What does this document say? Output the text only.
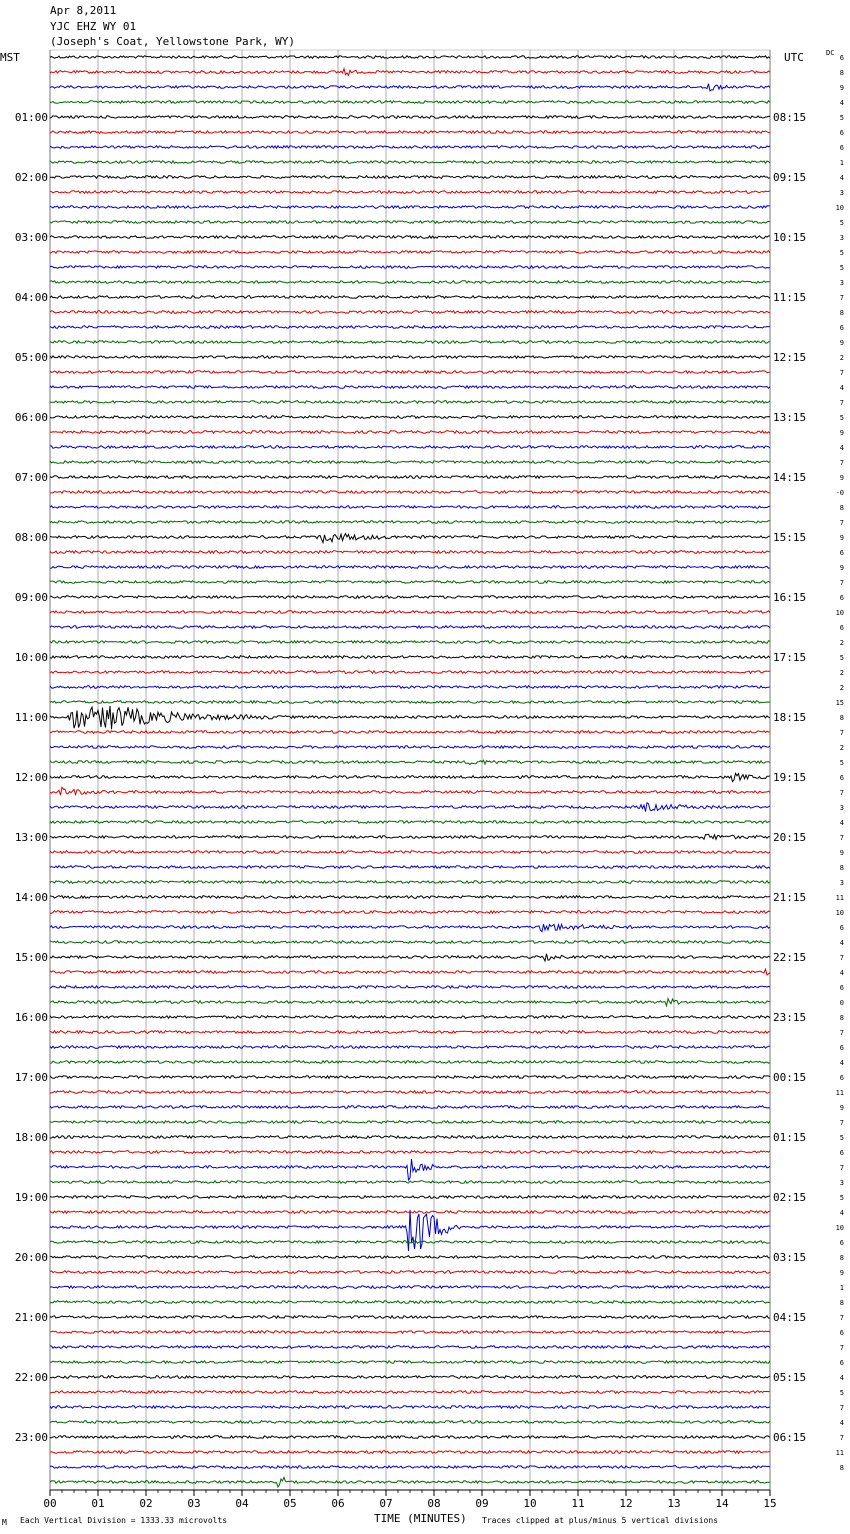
Apr 8,2011
YJC EHZ WY 01
(Joseph's Coat, Yellowstone Park, WY)
MST	UTC	DC
00	01	02	03	04	05	06	07	08	09	10	11	12	13	14	15
6
8
9
4
5
6
6
1
4
3
10
5
3
5
5
3
7
8
6
9
2
7
4
7
5
9
4
7
9
-0
8
7
9
6
9
7
6
10
6
2
5
2
2
15
8
7
2
5
6
7
3
4
7
9
8
3
11
10
6
4
7
4
6
0
8
7
6
4
6
11
9
7
5
6
7
3
5
4
10
6
8
9
1
8
7
6
7
6
4
5
7
4
7
11
8
01:00	08:15
02:00	09:15
03:00	10:15
04:00	11:15
05:00	12:15
06:00	13:15
07:00	14:15
08:00	15:15
09:00	16:15
10:00	17:15
11:00	18:15
12:00	19:15
13:00	20:15
14:00	21:15
15:00	22:15
16:00	23:15
17:00	00:15
18:00	01:15
19:00	02:15
20:00	03:15
21:00	04:15
22:00	05:15
23:00	06:15
M Each Vertical Division = 1333.33 microvolts	TIME (MINUTES) Traces clipped at plus/minus 5 vertical divisions
